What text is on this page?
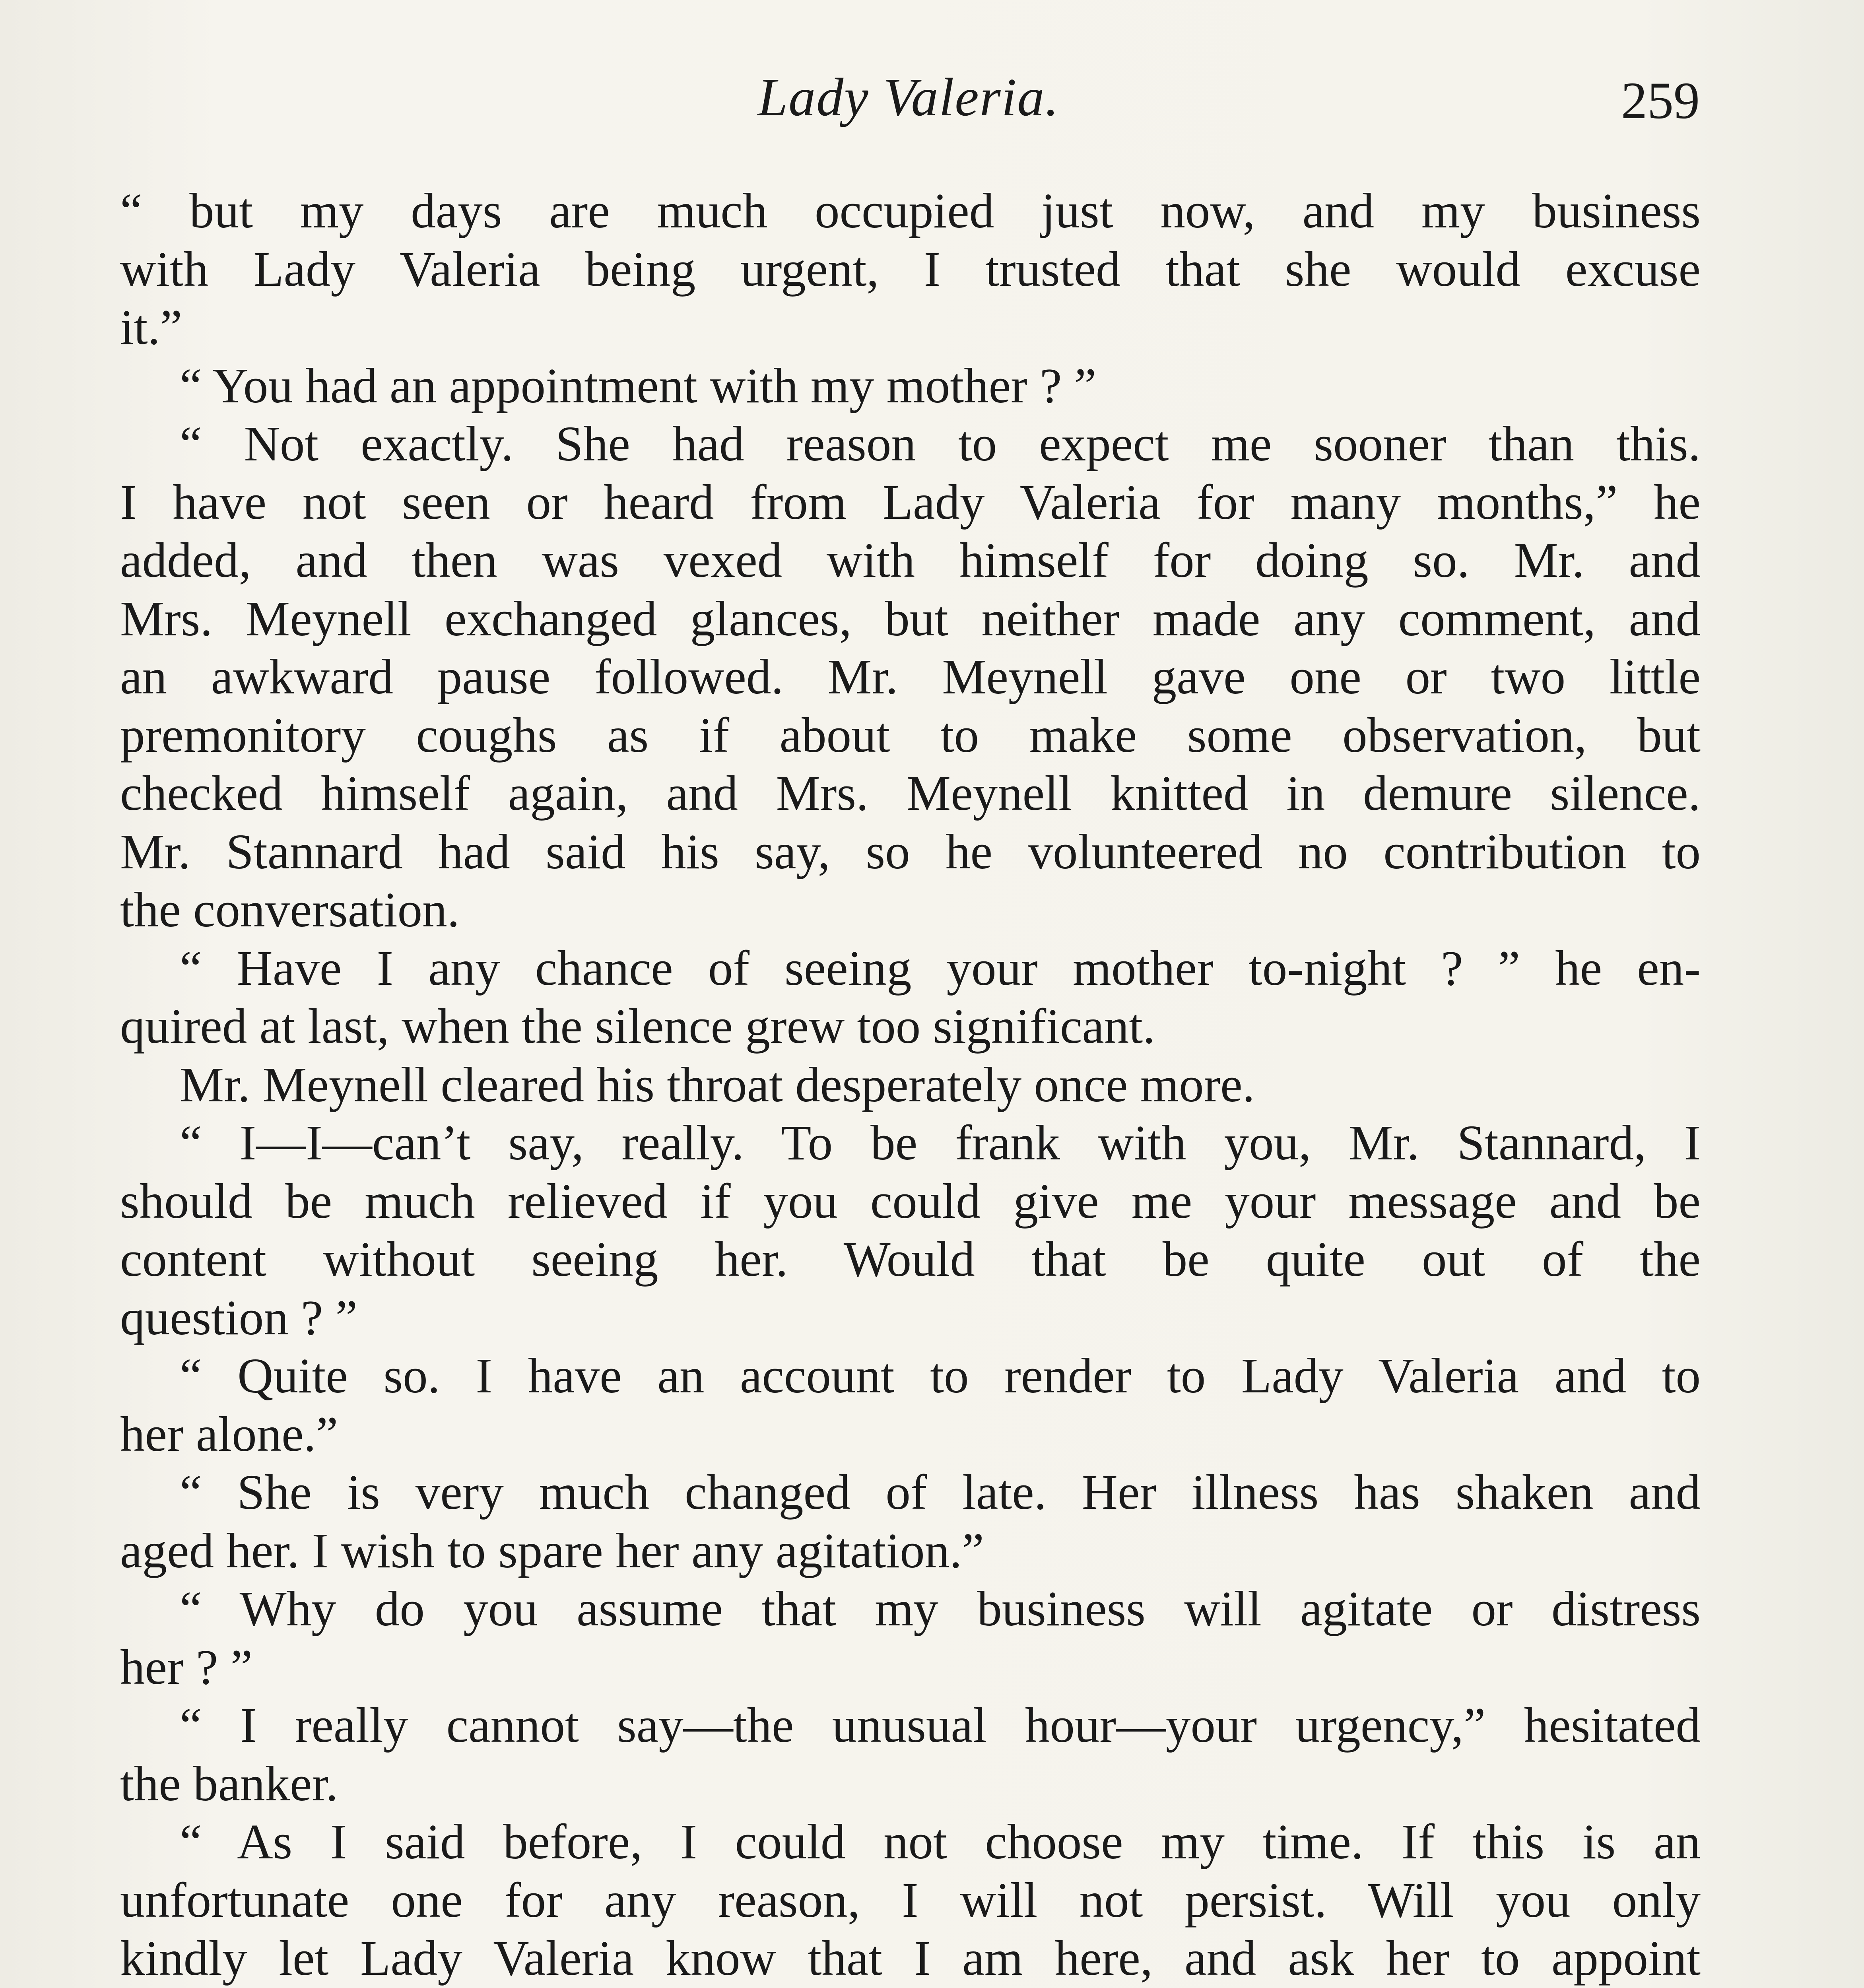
Lady Valeria.	259
“ but my days are much occupied just now, and my business
with Lady Valeria being urgent, I trusted that she would excuse
it.”
“ You had an appointment with my mother ? ”
“ Not exactly. She had reason to expect me sooner than this.
I have not seen or heard from Lady Valeria for many months,” he
added, and then was vexed with himself for doing so. Mr. and
Mrs. Meynell exchanged glances, but neither made any comment, and
an awkward pause followed. Mr. Meynell gave one or two little
premonitory coughs as if about to make some observation, but
checked himself again, and Mrs. Meynell knitted in demure silence.
Mr. Stannard had said his say, so he volunteered no contribution to
the conversation.
“ Have I any chance of seeing your mother to-night ? ” he en-
quired at last, when the silence grew too significant.
Mr. Meynell cleared his throat desperately once more.
“ I—I—can’t say, really. To be frank with you, Mr. Stannard, I
should be much relieved if you could give me your message and be
content without seeing her. Would that be quite out of the
question ? ”
“ Quite so. I have an account to render to Lady Valeria and to
her alone.”
“ She is very much changed of late. Her illness has shaken and
aged her. I wish to spare her any agitation.”
“ Why do you assume that my business will agitate or distress
her ? ”
“ I really cannot say—the unusual hour—your urgency,” hesitated
the banker.
“ As I said before, I could not choose my time. If this is an
unfortunate one for any reason, I will not persist. Will you only
kindly let Lady Valeria know that I am here, and ask her to appoint
